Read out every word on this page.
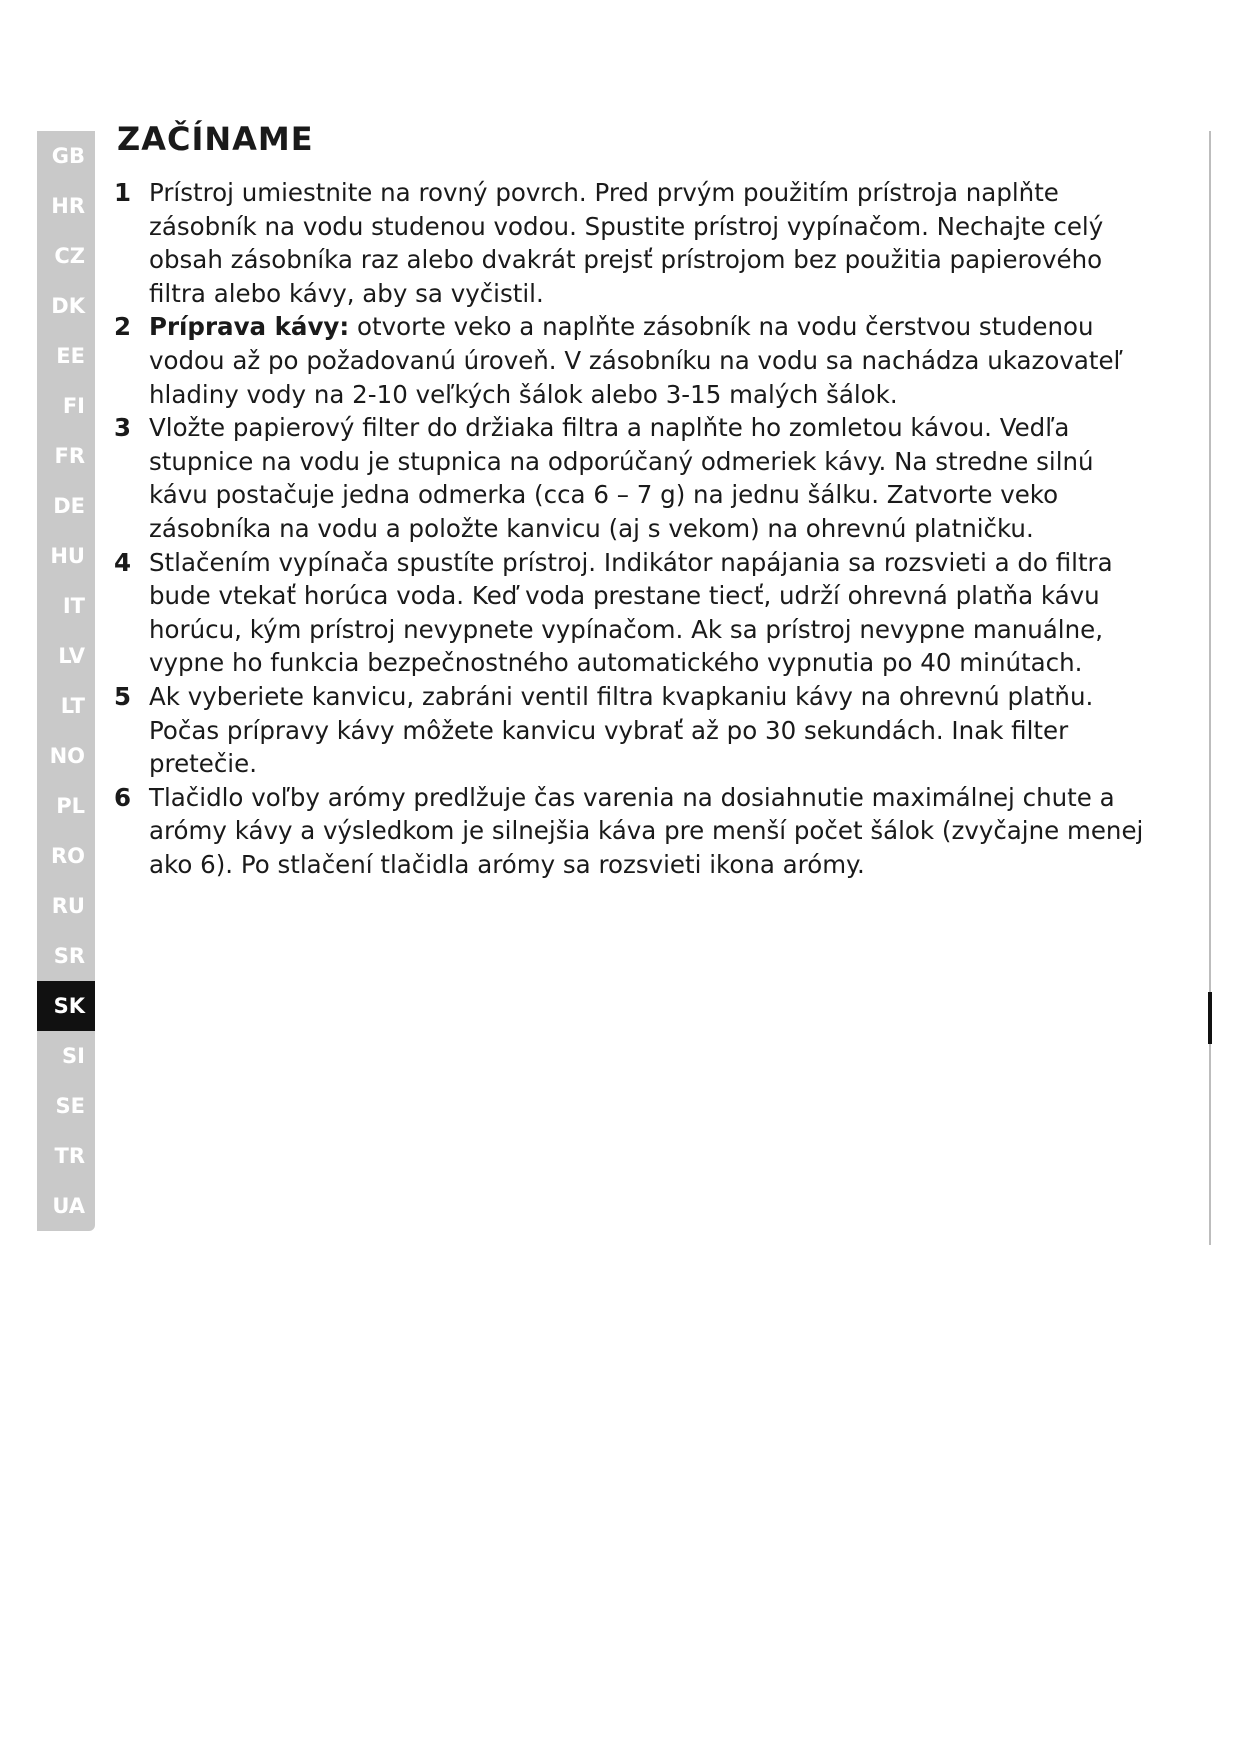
GB
HR
CZ
DK
EE
FI
FR
DE
HU
IT
LV
LT
NO
PL
RO
RU
SR
SK
SI
SE
TR
UA
ZAČÍNAME
1 Prístroj umiestnite na rovný povrch. Pred prvým použitím prístroja naplňte zásobník na vodu studenou vodou. Spustite prístroj vypínačom. Nechajte celý obsah zásobníka raz alebo dvakrát prejsť prístrojom bez použitia papierového filtra alebo kávy, aby sa vyčistil.
2 Príprava kávy: otvorte veko a naplňte zásobník na vodu čerstvou studenou vodou až po požadovanú úroveň. V zásobníku na vodu sa nachádza ukazovateľ hladiny vody na 2-10 veľkých šálok alebo 3-15 malých šálok.
3 Vložte papierový filter do držiaka filtra a naplňte ho zomletou kávou. Vedľa stupnice na vodu je stupnica na odporúčaný odmeriek kávy. Na stredne silnú kávu postačuje jedna odmerka (cca 6 – 7 g) na jednu šálku. Zatvorte veko zásobníka na vodu a položte kanvicu (aj s vekom) na ohrevnú platničku.
4 Stlačením vypínača spustíte prístroj. Indikátor napájania sa rozsvieti a do filtra bude vtekať horúca voda. Keď voda prestane tiecť, udrží ohrevná platňa kávu horúcu, kým prístroj nevypnete vypínačom. Ak sa prístroj nevypne manuálne, vypne ho funkcia bezpečnostného automatického vypnutia po 40 minútach.
5 Ak vyberiete kanvicu, zabráni ventil filtra kvapkaniu kávy na ohrevnú platňu. Počas prípravy kávy môžete kanvicu vybrať až po 30 sekundách. Inak filter pretečie.
6 Tlačidlo voľby arómy predlžuje čas varenia na dosiahnutie maximálnej chute a arómy kávy a výsledkom je silnejšia káva pre menší počet šálok (zvyčajne menej ako 6). Po stlačení tlačidla arómy sa rozsvieti ikona arómy.
